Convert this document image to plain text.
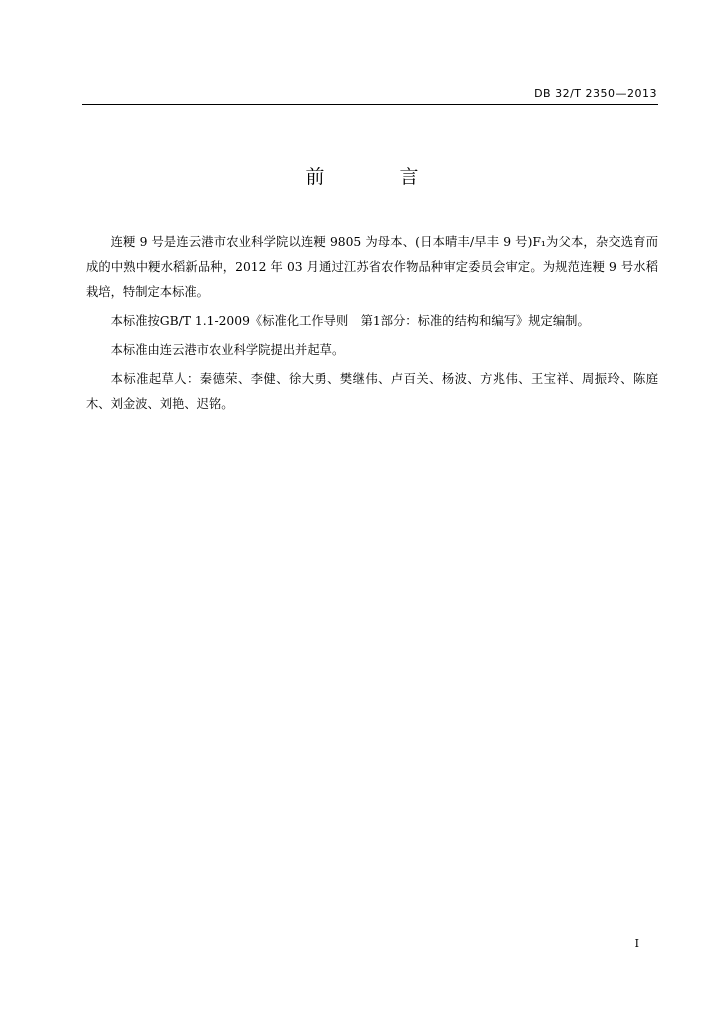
DB 32/T 2350—2013
前　言

连粳 9 号是连云港市农业科学院以连粳 9805 为母本、(日本晴丰/早丰 9 号)F₁为父本，杂交选育而成的中熟中粳水稻新品种，2012 年 03 月通过江苏省农作物品种审定委员会审定。为规范连粳 9 号水稻栽培，特制定本标准。

本标准按GB/T 1.1-2009《标准化工作导则　第1部分：标准的结构和编写》规定编制。

本标准由连云港市农业科学院提出并起草。

本标准起草人：秦德荣、李健、徐大勇、樊继伟、卢百关、杨波、方兆伟、王宝祥、周振玲、陈庭木、刘金波、刘艳、迟铭。

I
